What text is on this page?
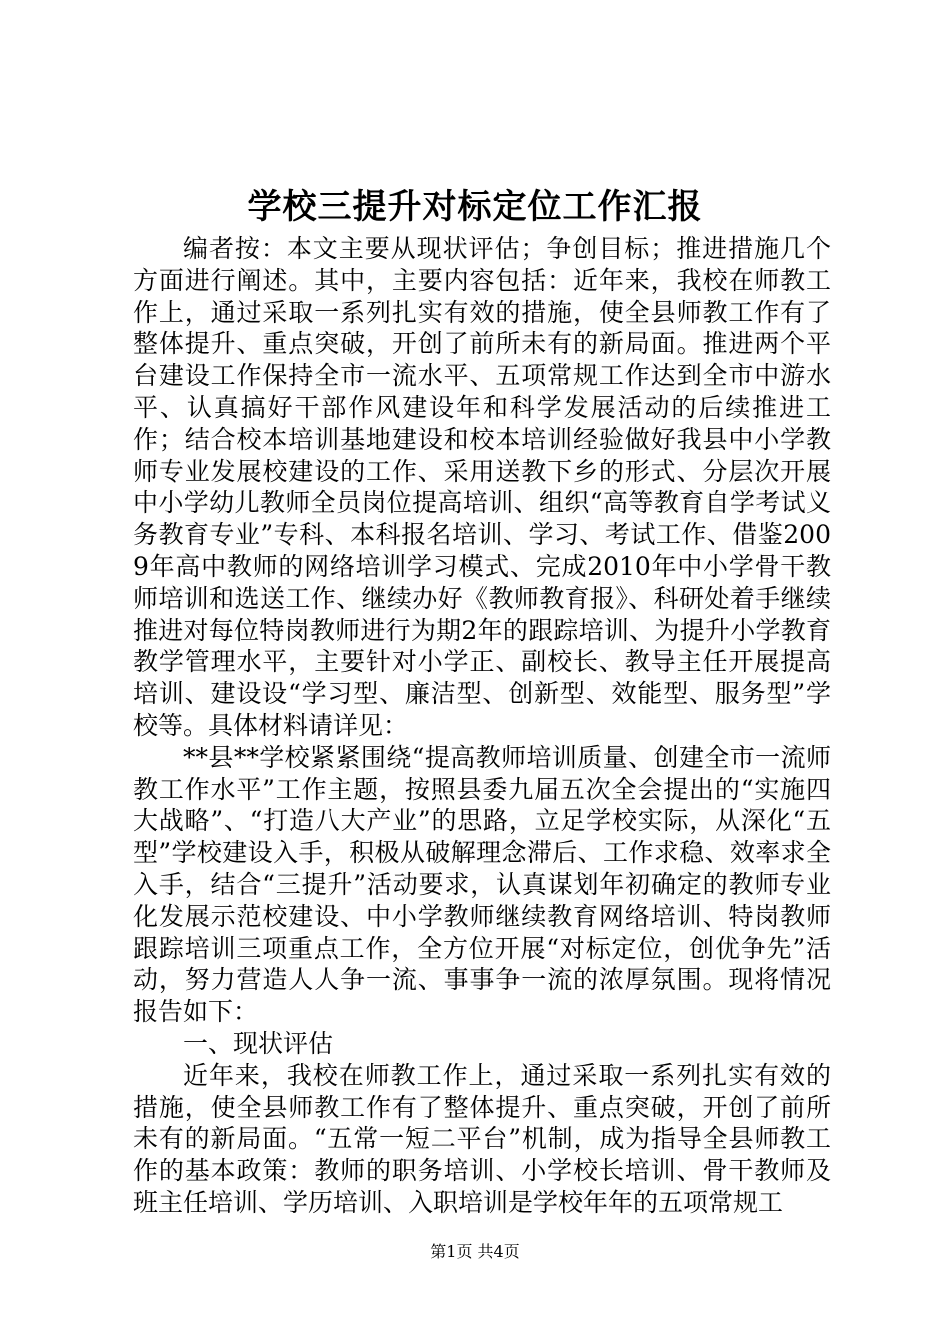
学校三提升对标定位工作汇报

编者按：本文主要从现状评估；争创目标；推进措施几个方面进行阐述。其中，主要内容包括：近年来，我校在师教工作上，通过采取一系列扎实有效的措施，使全县师教工作有了整体提升、重点突破，开创了前所未有的新局面。推进两个平台建设工作保持全市一流水平、五项常规工作达到全市中游水平、认真搞好干部作风建设年和科学发展活动的后续推进工作；结合校本培训基地建设和校本培训经验做好我县中小学教师专业发展校建设的工作、采用送教下乡的形式、分层次开展中小学幼儿教师全员岗位提高培训、组织“高等教育自学考试义务教育专业”专科、本科报名培训、学习、考试工作、借鉴2009年高中教师的网络培训学习模式、完成2010年中小学骨干教师培训和选送工作、继续办好《教师教育报》、科研处着手继续推进对每位特岗教师进行为期2年的跟踪培训、为提升小学教育教学管理水平，主要针对小学正、副校长、教导主任开展提高培训、建设设“学习型、廉洁型、创新型、效能型、服务型”学校等。具体材料请详见：

**县**学校紧紧围绕“提高教师培训质量、创建全市一流师教工作水平”工作主题，按照县委九届五次全会提出的“实施四大战略”、“打造八大产业”的思路，立足学校实际，从深化“五型”学校建设入手，积极从破解理念滞后、工作求稳、效率求全入手，结合“三提升”活动要求，认真谋划年初确定的教师专业化发展示范校建设、中小学教师继续教育网络培训、特岗教师跟踪培训三项重点工作，全方位开展“对标定位，创优争先”活动，努力营造人人争一流、事事争一流的浓厚氛围。现将情况报告如下：

一、现状评估

近年来，我校在师教工作上，通过采取一系列扎实有效的措施，使全县师教工作有了整体提升、重点突破，开创了前所未有的新局面。“五常一短二平台”机制，成为指导全县师教工作的基本政策：教师的职务培训、小学校长培训、骨干教师及班主任培训、学历培训、入职培训是学校年年的五项常规工

第1页 共4页
